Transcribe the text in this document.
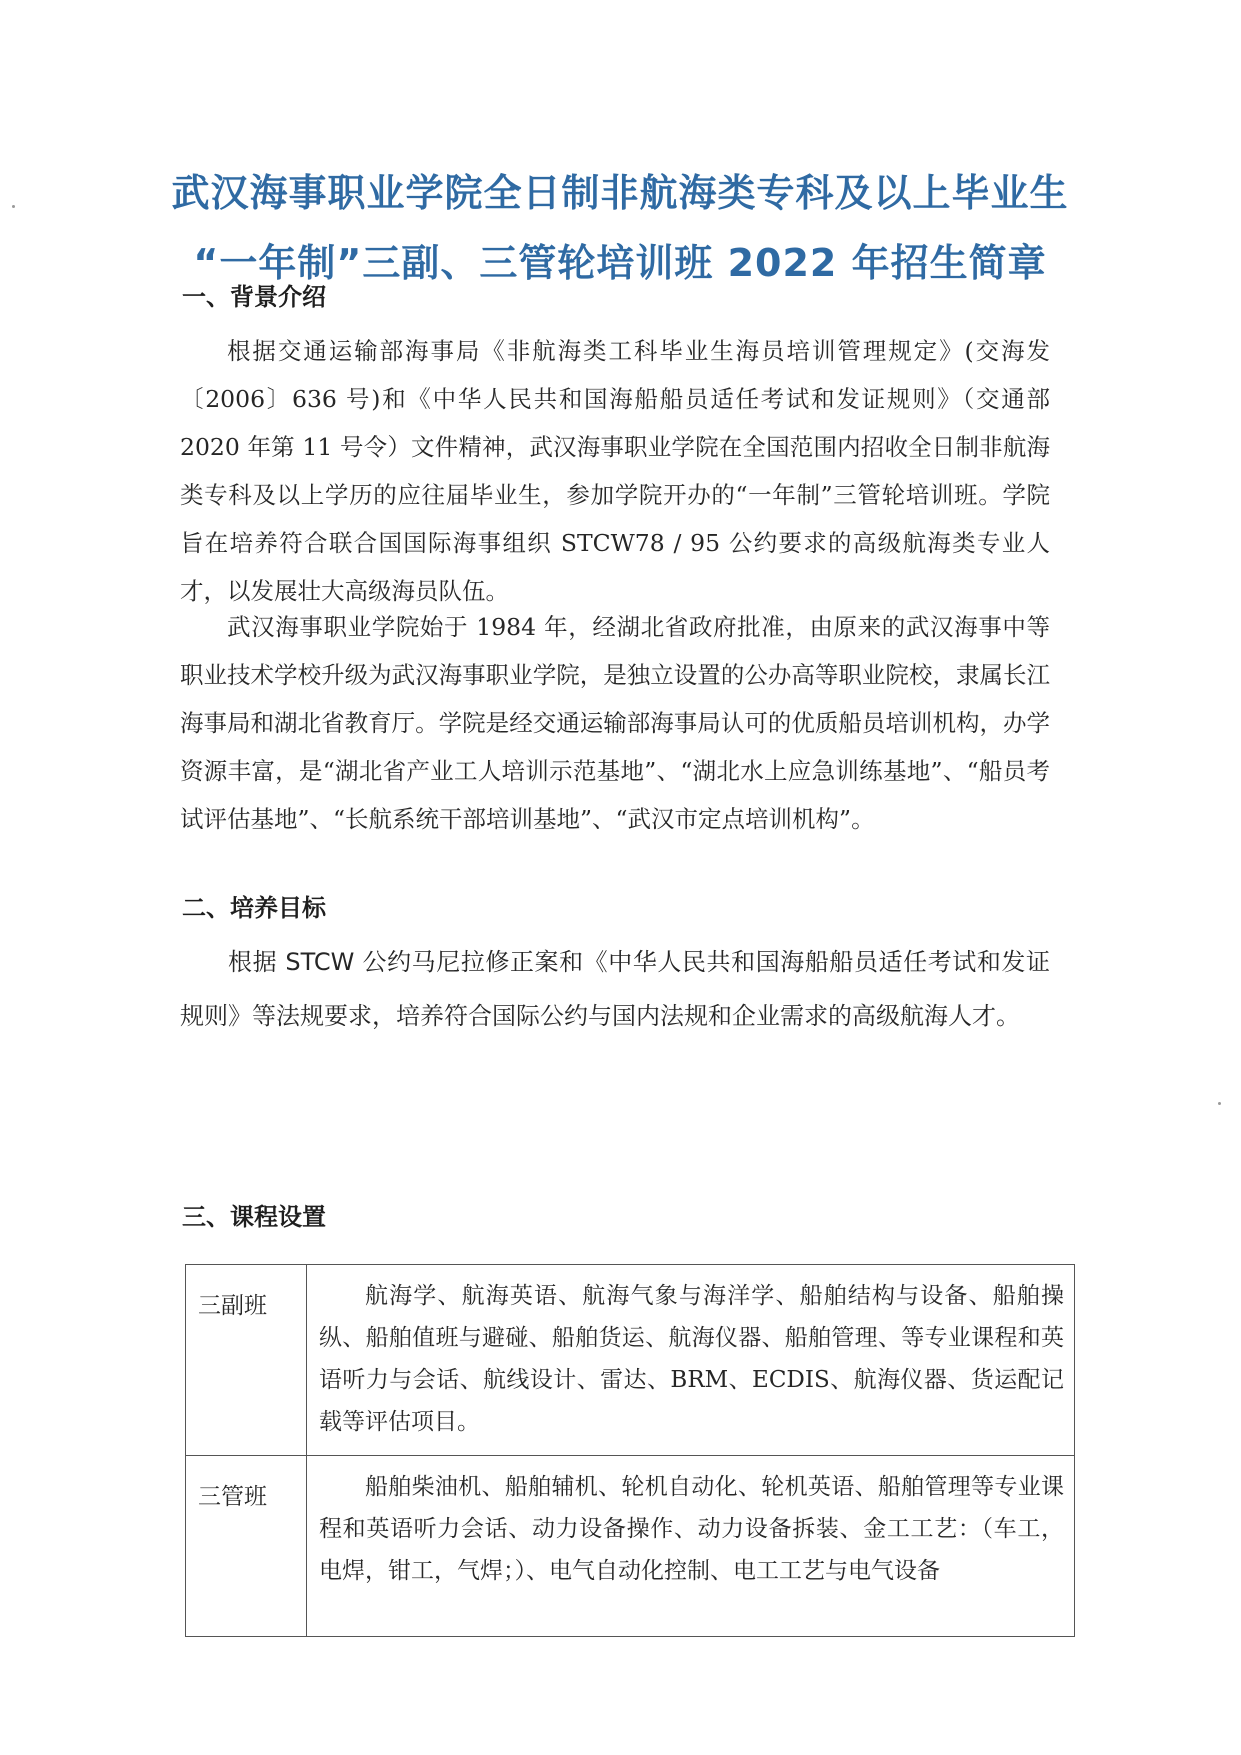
武汉海事职业学院全日制非航海类专科及以上毕业生
“一年制”三副、三管轮培训班 2022 年招生简章
一、背景介绍
根据交通运输部海事局《非航海类工科毕业生海员培训管理规定》(交海发〔2006〕636 号)和《中华人民共和国海船船员适任考试和发证规则》（交通部 2020 年第 11 号令）文件精神，武汉海事职业学院在全国范围内招收全日制非航海类专科及以上学历的应往届毕业生，参加学院开办的“一年制”三管轮培训班。学院旨在培养符合联合国国际海事组织 STCW78 / 95 公约要求的高级航海类专业人才，以发展壮大高级海员队伍。
武汉海事职业学院始于 1984 年，经湖北省政府批准，由原来的武汉海事中等职业技术学校升级为武汉海事职业学院，是独立设置的公办高等职业院校，隶属长江海事局和湖北省教育厅。学院是经交通运输部海事局认可的优质船员培训机构，办学资源丰富，是“湖北省产业工人培训示范基地”、“湖北水上应急训练基地”、“船员考试评估基地”、“长航系统干部培训基地”、“武汉市定点培训机构”。
二、培养目标
根据 STCW 公约马尼拉修正案和《中华人民共和国海船船员适任考试和发证规则》等法规要求，培养符合国际公约与国内法规和企业需求的高级航海人才。
三、课程设置
三副班	航海学、航海英语、航海气象与海洋学、船舶结构与设备、船舶操纵、船舶值班与避碰、船舶货运、航海仪器、船舶管理、等专业课程和英语听力与会话、航线设计、雷达、BRM、ECDIS、航海仪器、货运配记载等评估项目。
三管班	船舶柴油机、船舶辅机、轮机自动化、轮机英语、船舶管理等专业课程和英语听力会话、动力设备操作、动力设备拆装、金工工艺：（车工，电焊，钳工，气焊；）、电气自动化控制、电工工艺与电气设备
